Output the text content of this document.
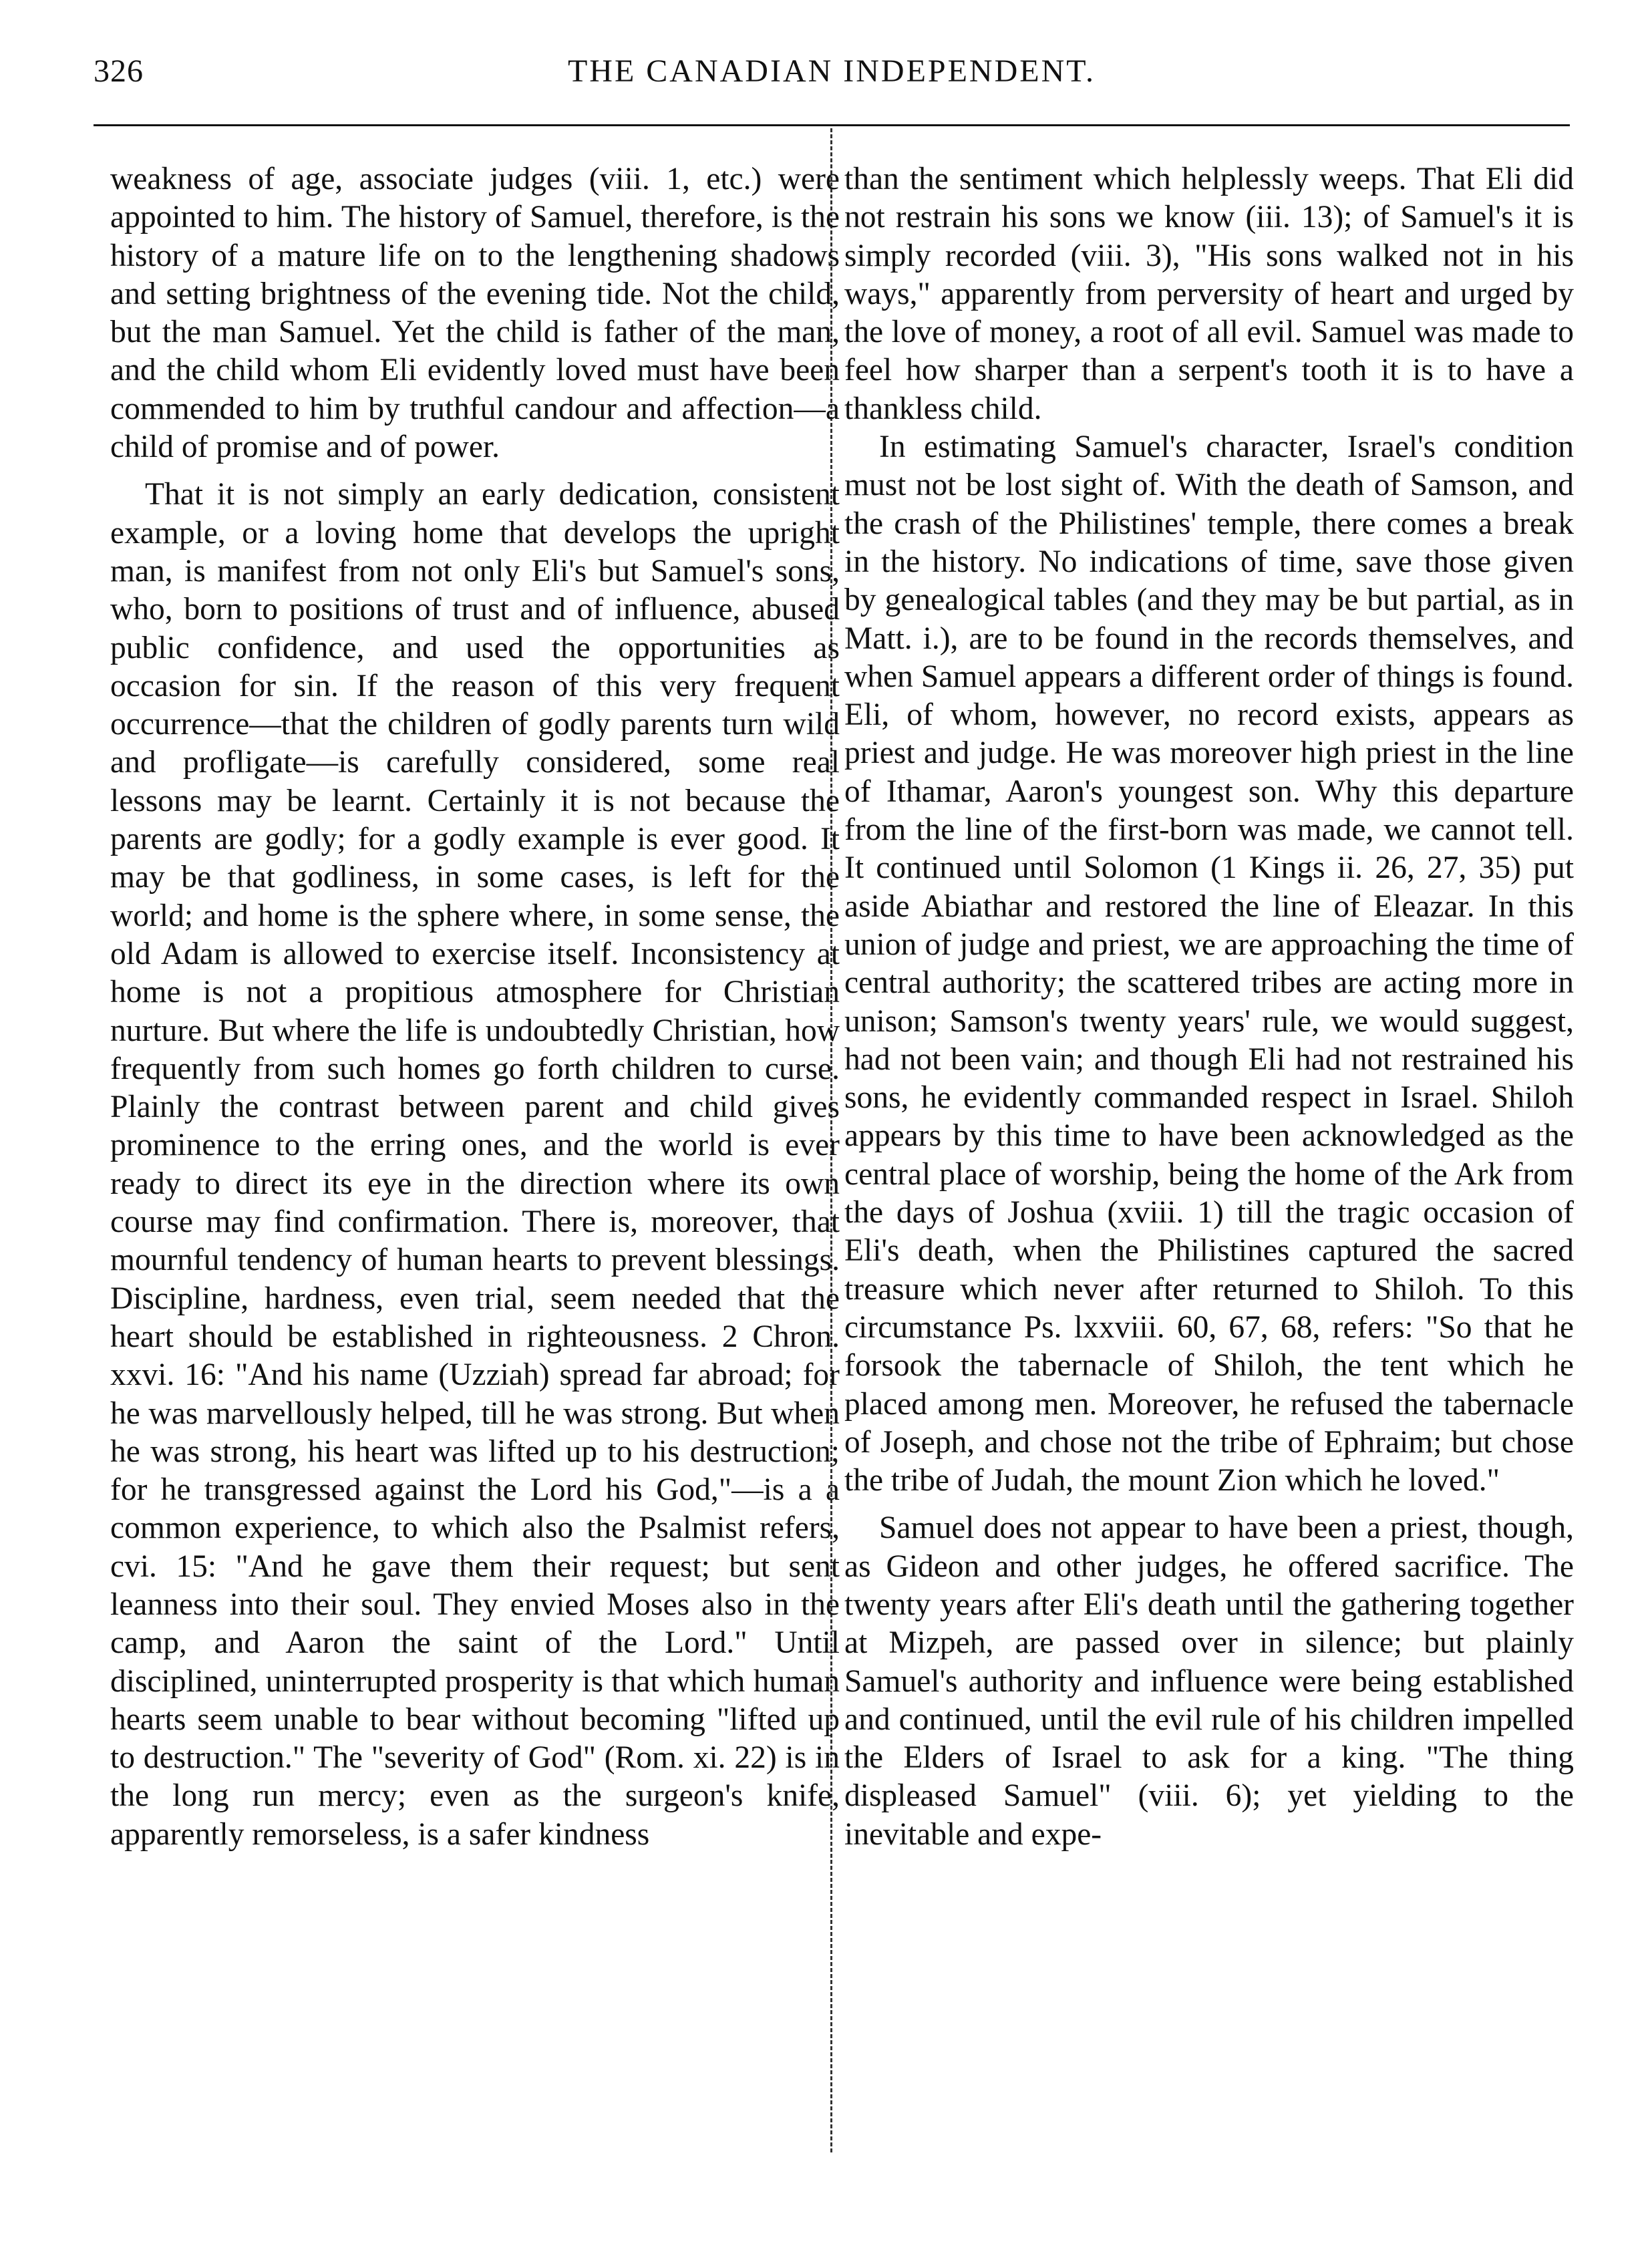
326	THE CANADIAN INDEPENDENT.

weakness of age, associate judges (viii. 1, etc.) were appointed to him. The history of Samuel, therefore, is the history of a mature life on to the lengthening shadows and setting brightness of the evening tide. Not the child, but the man Samuel. Yet the child is father of the man, and the child whom Eli evidently loved must have been commended to him by truthful candour and affection—a child of promise and of power.

That it is not simply an early dedication, consistent example, or a loving home that develops the upright man, is manifest from not only Eli's but Samuel's sons, who, born to positions of trust and of influence, abused public confidence, and used the opportunities as occasion for sin. If the reason of this very frequent occurrence—that the children of godly parents turn wild and profligate—is carefully considered, some real lessons may be learnt. Certainly it is not because the parents are godly; for a godly example is ever good. It may be that godliness, in some cases, is left for the world; and home is the sphere where, in some sense, the old Adam is allowed to exercise itself. Inconsistency at home is not a propitious atmosphere for Christian nurture. But where the life is undoubtedly Christian, how frequently from such homes go forth children to curse. Plainly the contrast between parent and child gives prominence to the erring ones, and the world is ever ready to direct its eye in the direction where its own course may find confirmation. There is, moreover, that mournful tendency of human hearts to prevent blessings. Discipline, hardness, even trial, seem needed that the heart should be established in righteousness. 2 Chron. xxvi. 16: "And his name (Uzziah) spread far abroad; for he was marvellously helped, till he was strong. But when he was strong, his heart was lifted up to his destruction; for he transgressed against the Lord his God,"—is a a common experience, to which also the Psalmist refers, cvi. 15: "And he gave them their request; but sent leanness into their soul. They envied Moses also in the camp, and Aaron the saint of the Lord." Until disciplined, uninterrupted prosperity is that which human hearts seem unable to bear without becoming "lifted up to destruction." The "severity of God" (Rom. xi. 22) is in the long run mercy; even as the surgeon's knife, apparently remorseless, is a safer kindness

than the sentiment which helplessly weeps. That Eli did not restrain his sons we know (iii. 13); of Samuel's it is simply recorded (viii. 3), "His sons walked not in his ways," apparently from perversity of heart and urged by the love of money, a root of all evil. Samuel was made to feel how sharper than a serpent's tooth it is to have a thankless child.

In estimating Samuel's character, Israel's condition must not be lost sight of. With the death of Samson, and the crash of the Philistines' temple, there comes a break in the history. No indications of time, save those given by genealogical tables (and they may be but partial, as in Matt. i.), are to be found in the records themselves, and when Samuel appears a different order of things is found. Eli, of whom, however, no record exists, appears as priest and judge. He was moreover high priest in the line of Ithamar, Aaron's youngest son. Why this departure from the line of the first-born was made, we cannot tell. It continued until Solomon (1 Kings ii. 26, 27, 35) put aside Abiathar and restored the line of Eleazar. In this union of judge and priest, we are approaching the time of central authority; the scattered tribes are acting more in unison; Samson's twenty years' rule, we would suggest, had not been vain; and though Eli had not restrained his sons, he evidently commanded respect in Israel. Shiloh appears by this time to have been acknowledged as the central place of worship, being the home of the Ark from the days of Joshua (xviii. 1) till the tragic occasion of Eli's death, when the Philistines captured the sacred treasure which never after returned to Shiloh. To this circumstance Ps. lxxviii. 60, 67, 68, refers: "So that he forsook the tabernacle of Shiloh, the tent which he placed among men. Moreover, he refused the tabernacle of Joseph, and chose not the tribe of Ephraim; but chose the tribe of Judah, the mount Zion which he loved."

Samuel does not appear to have been a priest, though, as Gideon and other judges, he offered sacrifice. The twenty years after Eli's death until the gathering together at Mizpeh, are passed over in silence; but plainly Samuel's authority and influence were being established and continued, until the evil rule of his children impelled the Elders of Israel to ask for a king. "The thing displeased Samuel" (viii. 6); yet yielding to the inevitable and expe-
